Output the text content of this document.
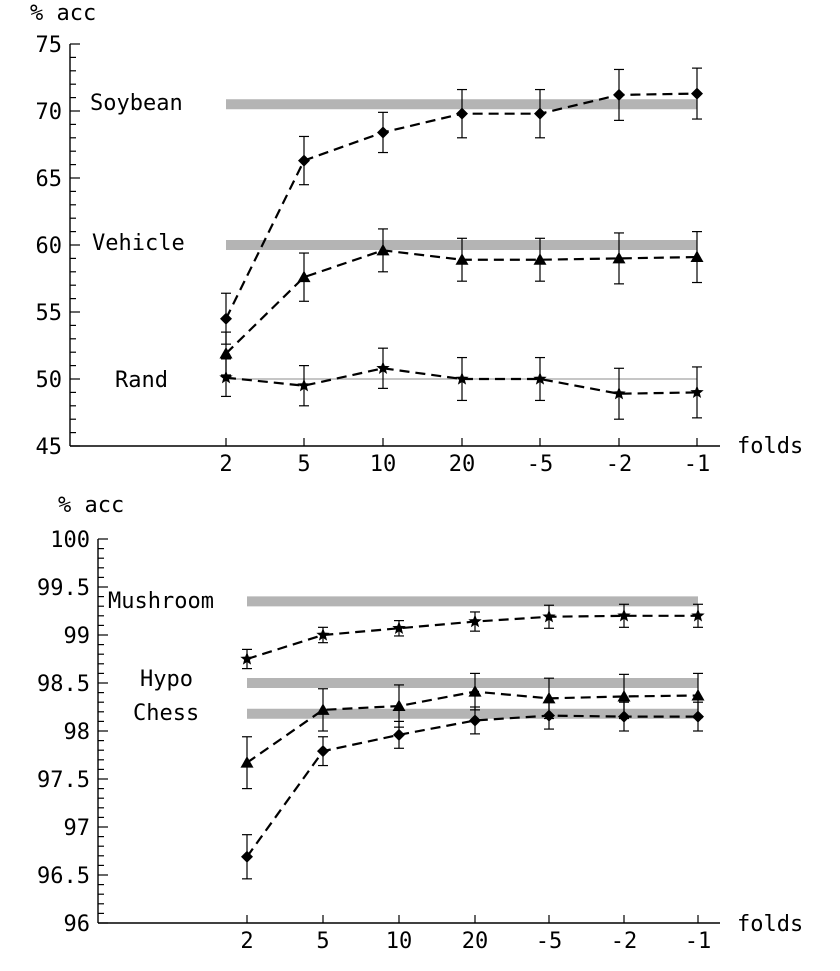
45
50
55
60
65
70
75
2	5	10 20 -5 -2 -1
% acc
folds
Soybean
Vehicle
Rand
96
96.5
97
97.5
98
98.5
99
99.5
100
2	5	10 20 -5 -2 -1
% acc
folds
Mushroom
Hypo
Chess
